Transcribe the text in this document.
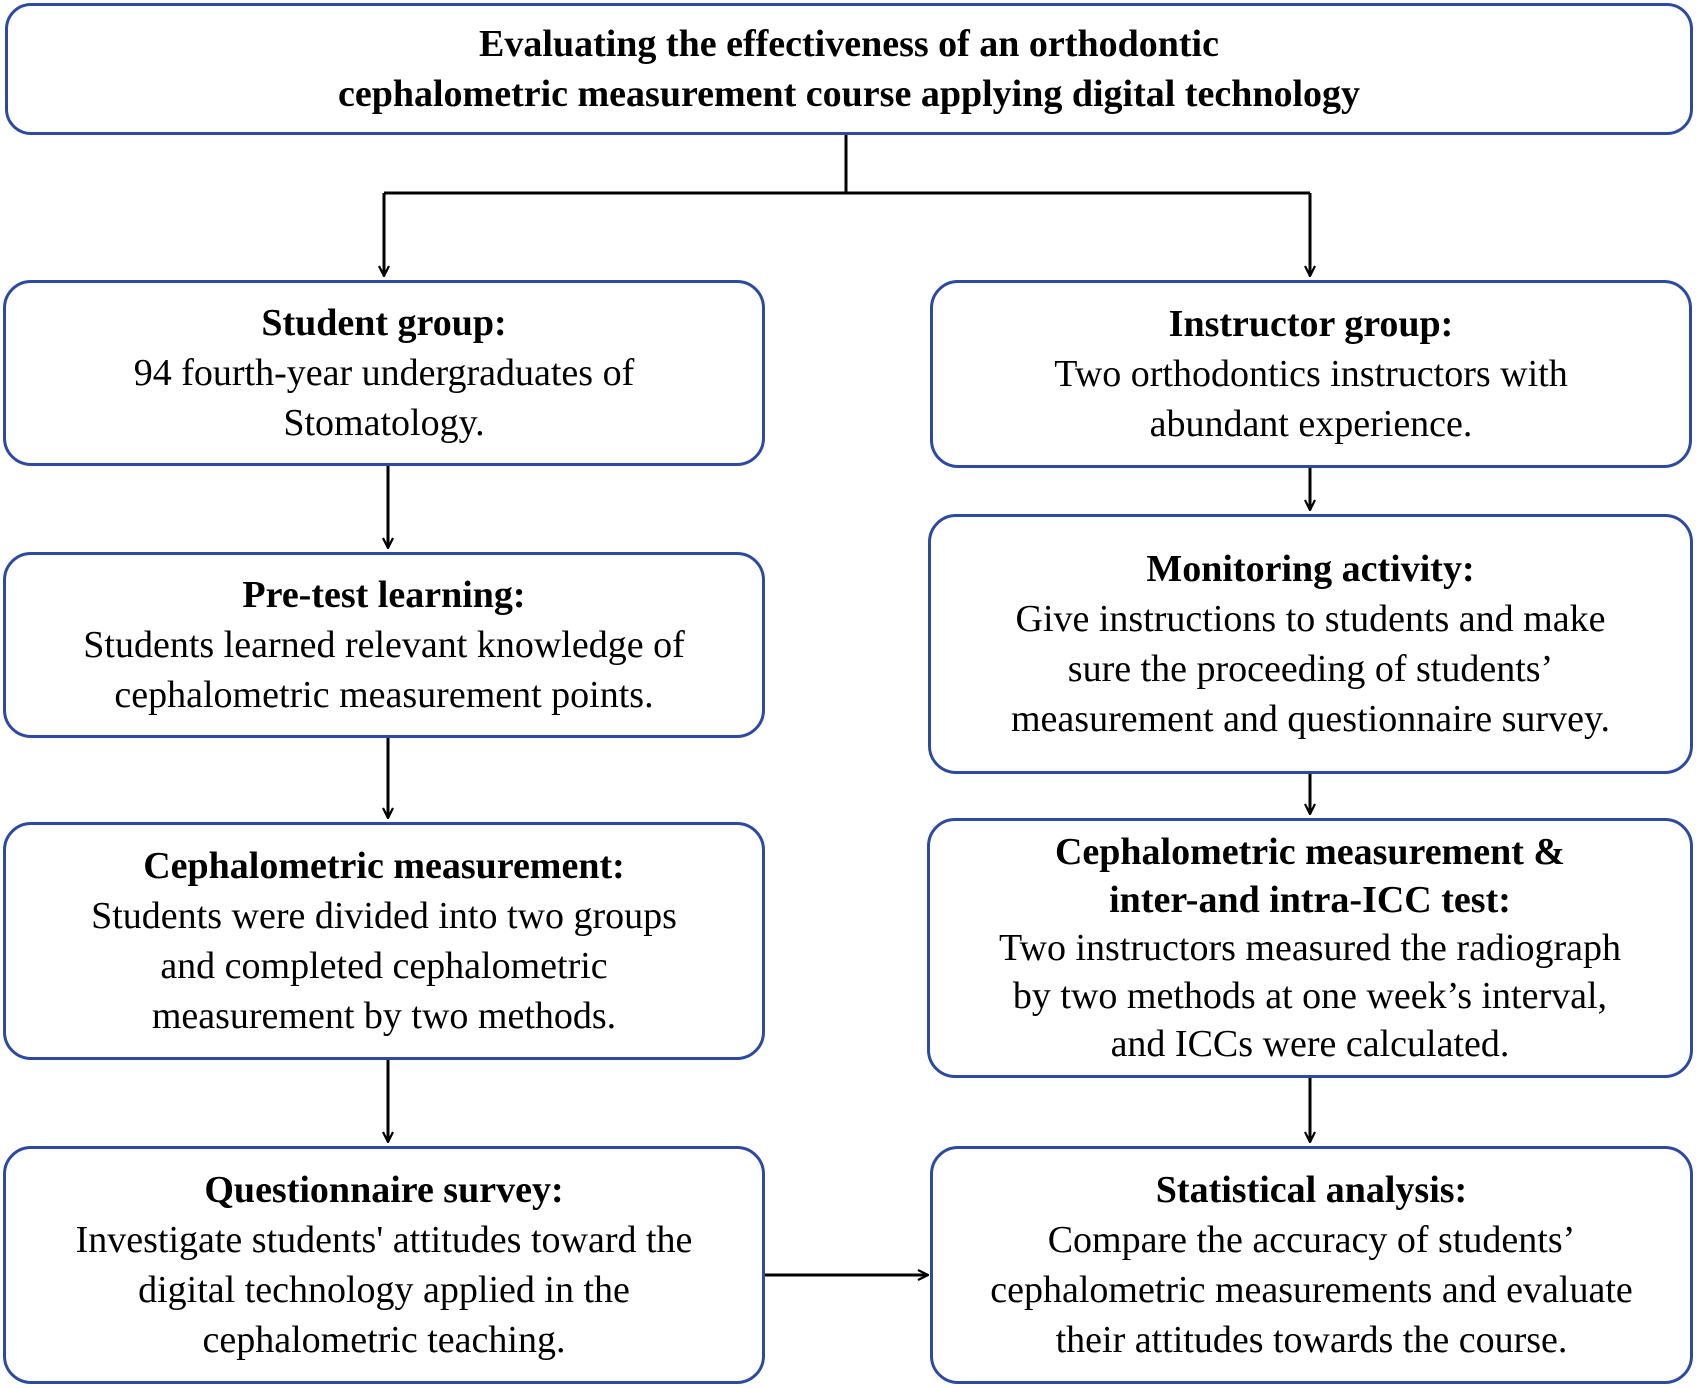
Evaluating the effectiveness of an orthodontic
cephalometric measurement course applying digital technology
Student group:
94 fourth-year undergraduates of
Stomatology.
Pre-test learning:
Students learned relevant knowledge of
cephalometric measurement points.
Cephalometric measurement:
Students were divided into two groups
and completed cephalometric
measurement by two methods.
Questionnaire survey:
Investigate students' attitudes toward the
digital technology applied in the
cephalometric teaching.
Instructor group:
Two orthodontics instructors with
abundant experience.
Monitoring activity:
Give instructions to students and make
sure the proceeding of students’
measurement and questionnaire survey.
Cephalometric measurement &
inter-and intra-ICC test:
Two instructors measured the radiograph
by two methods at one week’s interval,
and ICCs were calculated.
Statistical analysis:
Compare the accuracy of students’
cephalometric measurements and evaluate
their attitudes towards the course.
